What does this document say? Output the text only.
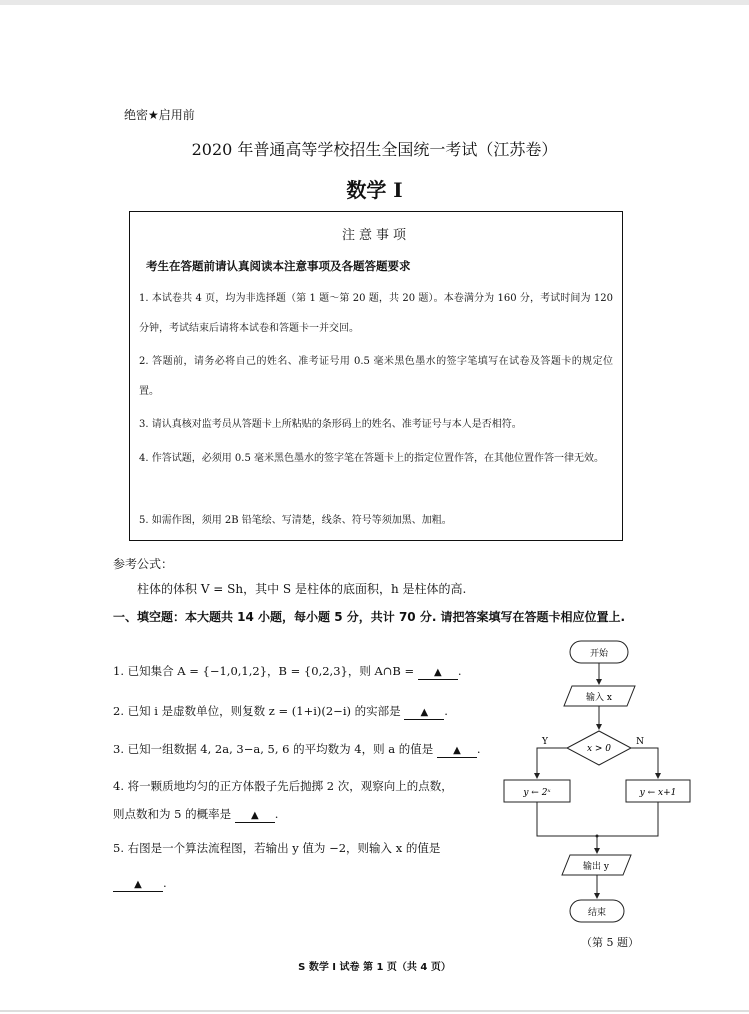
绝密★启用前
2020 年普通高等学校招生全国统一考试（江苏卷）
数学 I
注意事项
考生在答题前请认真阅读本注意事项及各题答题要求
1. 本试卷共 4 页，均为非选择题（第 1 题～第 20 题，共 20 题）。本卷满分为 160 分，考试时间为 120 分钟，考试结束后请将本试卷和答题卡一并交回。
2. 答题前，请务必将自己的姓名、准考证号用 0.5 毫米黑色墨水的签字笔填写在试卷及答题卡的规定位置。
3. 请认真核对监考员从答题卡上所粘贴的条形码上的姓名、准考证号与本人是否相符。
4. 作答试题，必须用 0.5 毫米黑色墨水的签字笔在答题卡上的指定位置作答，在其他位置作答一律无效。
5. 如需作图，须用 2B 铅笔绘、写清楚，线条、符号等须加黑、加粗。
参考公式：
柱体的体积 V = Sh，其中 S 是柱体的底面积，h 是柱体的高.
一、填空题：本大题共 14 小题，每小题 5 分，共计 70 分. 请把答案填写在答题卡相应位置上.
1. 已知集合 A = {−1,0,1,2}，B = {0,2,3}，则 A∩B = ▲ .
2. 已知 i 是虚数单位，则复数 z = (1+i)(2−i) 的实部是 ▲ .
3. 已知一组数据 4, 2a, 3−a, 5, 6 的平均数为 4，则 a 的值是 ▲ .
4. 将一颗质地均匀的正方体骰子先后抛掷 2 次，观察向上的点数，
则点数和为 5 的概率是 ▲ .
5. 右图是一个算法流程图，若输出 y 值为 −2，则输入 x 的值是
▲ .
开始
输入 x
x > 0
Y	N
y ← 2ˣ	y ← x+1
输出 y
结束
（第 5 题）
S 数学 I 试卷 第 1 页（共 4 页）
